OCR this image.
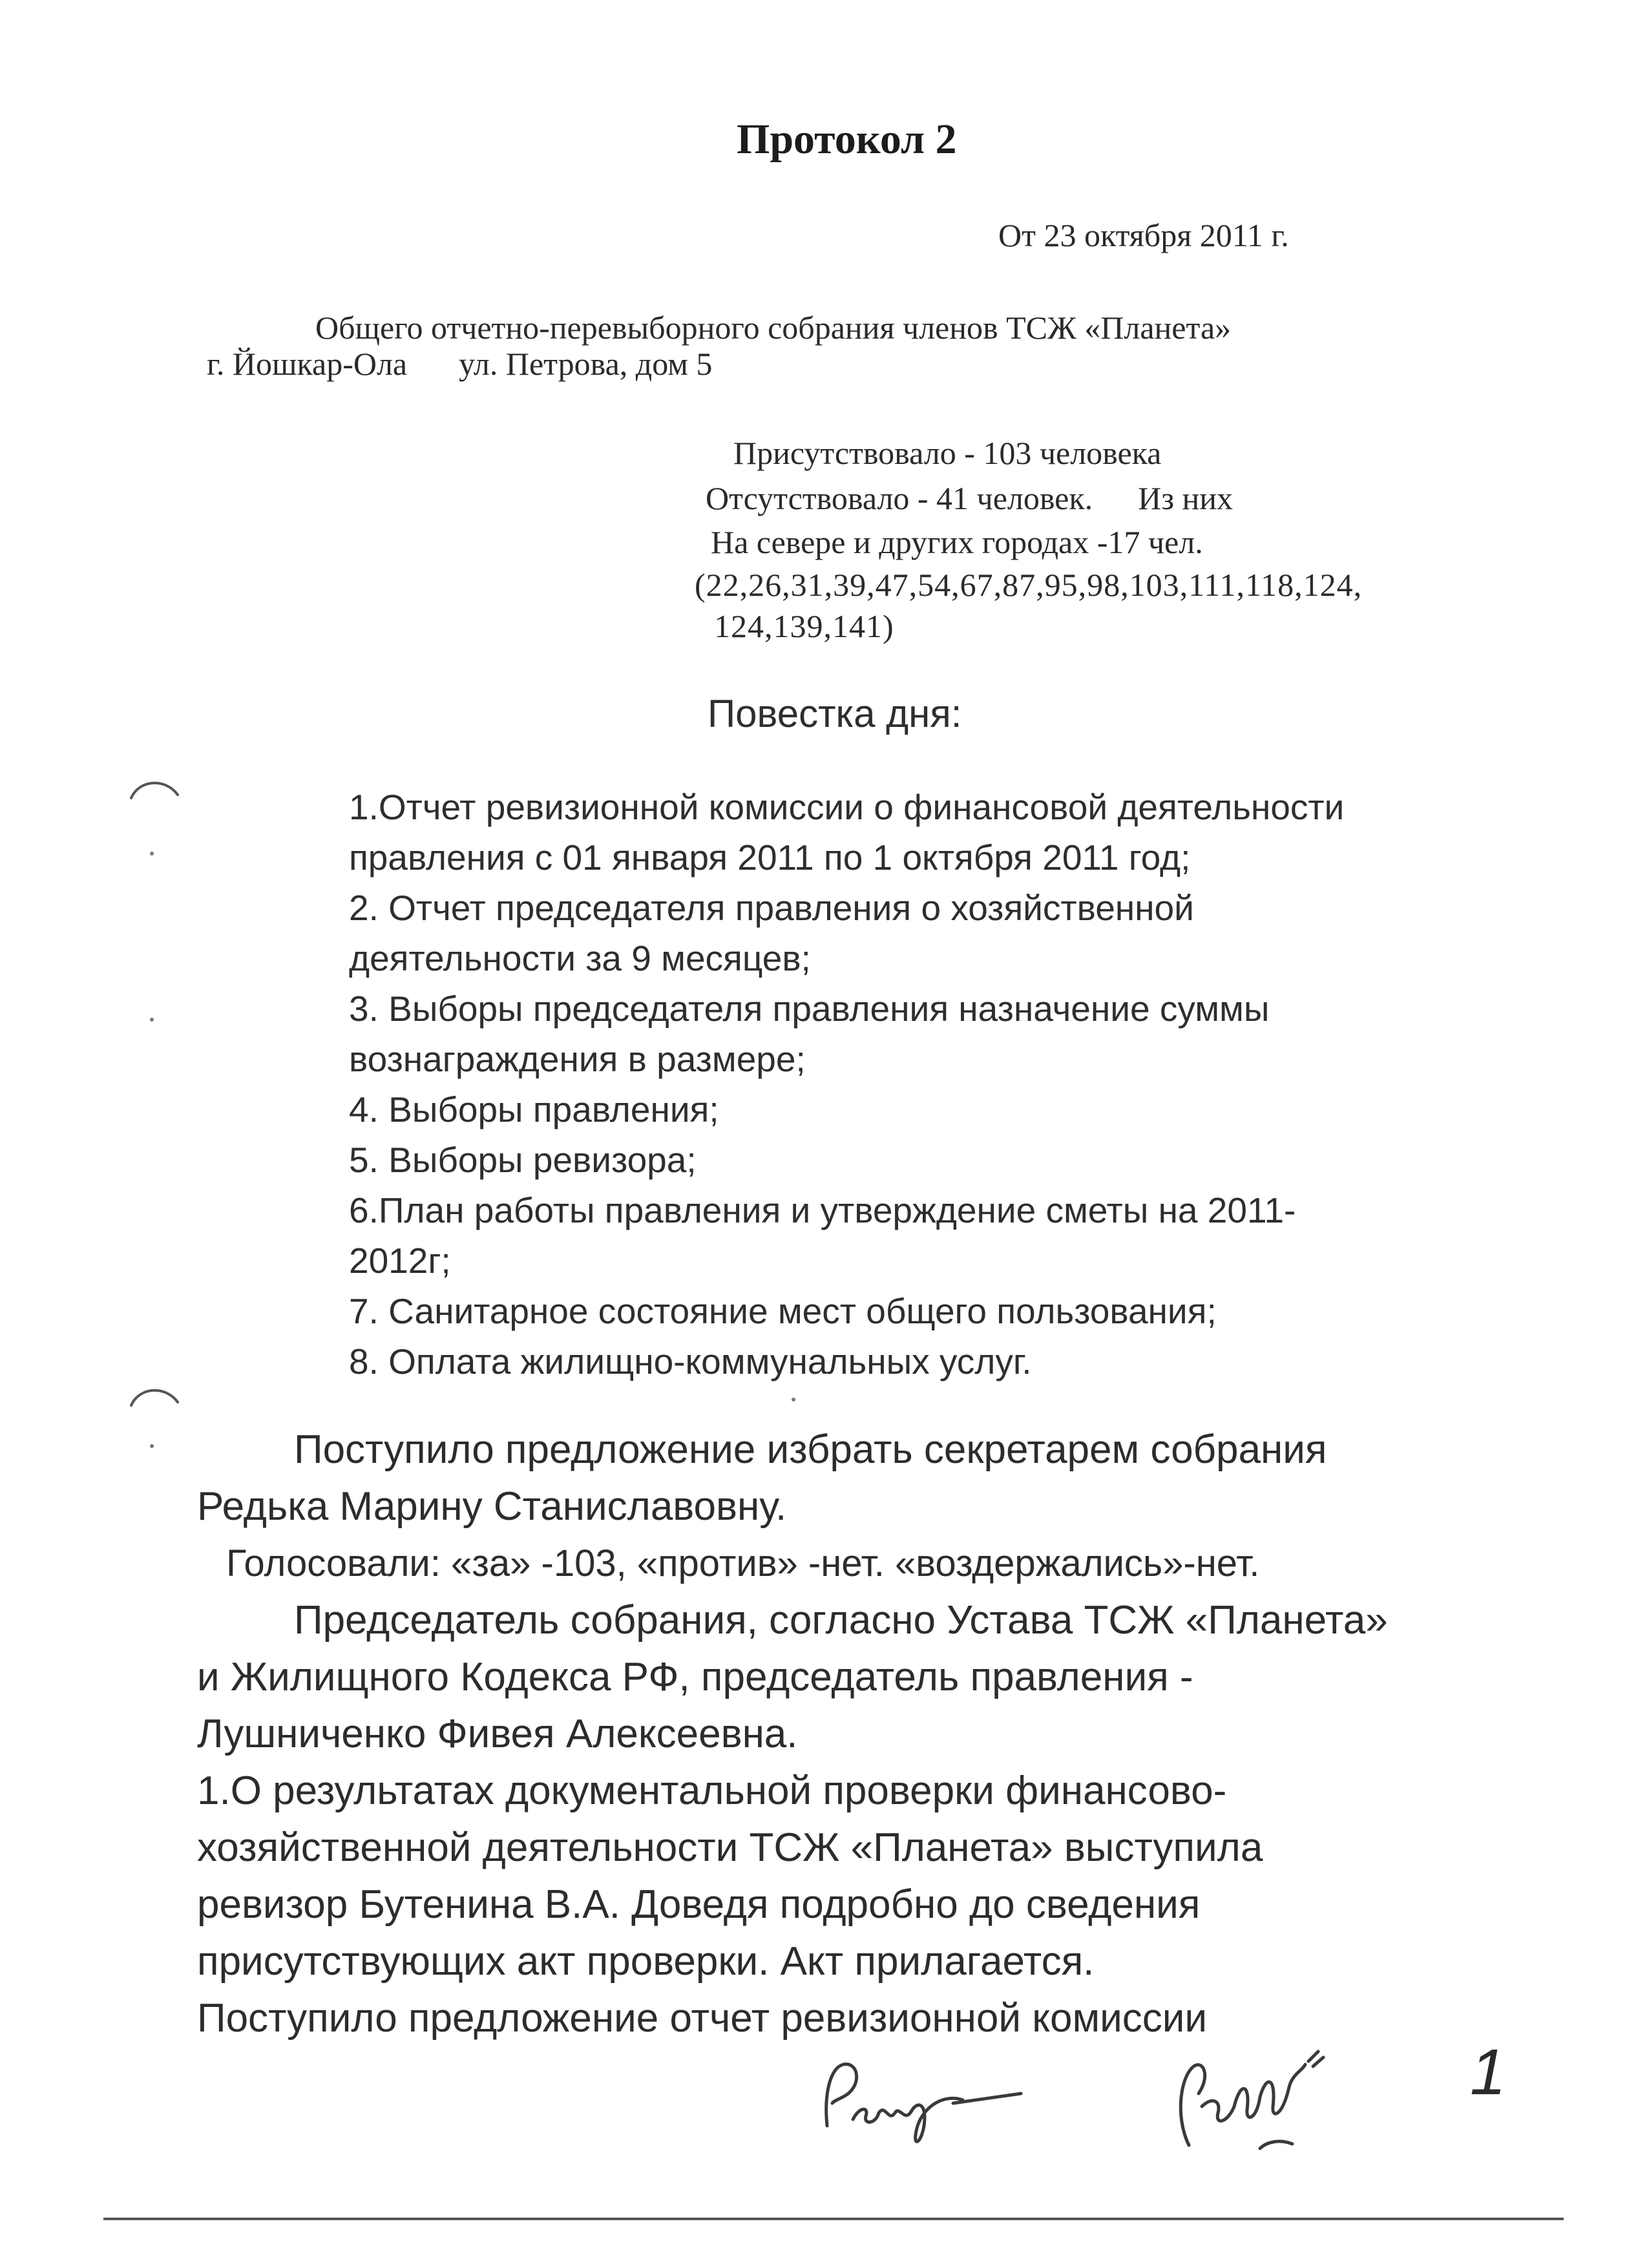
Протокол 2
От 23 октября 2011 г.
Общего отчетно-перевыборного собрания членов ТСЖ «Планета»
г. Йошкар-Ола ул. Петрова, дом 5
Присутствовало - 103 человека
Отсутствовало - 41 человек. Из них
На севере и других городах -17 чел.
(22,26,31,39,47,54,67,87,95,98,103,111,118,124,
124,139,141)
Повестка дня:
1.Отчет ревизионной комиссии о финансовой деятельности
правления с 01 января 2011 по 1 октября 2011 год;
2. Отчет председателя правления о хозяйственной
деятельности за 9 месяцев;
3. Выборы председателя правления назначение суммы
вознаграждения в размере;
4. Выборы правления;
5. Выборы ревизора;
6.План работы правления и утверждение сметы на 2011-
2012г;
7. Санитарное состояние мест общего пользования;
8. Оплата жилищно-коммунальных услуг.

Поступило предложение избрать секретарем собрания

Редька Марину Станиславовну.

Голосовали: «за» -103, «против» -нет. «воздержались»-нет.

Председатель собрания, согласно Устава ТСЖ «Планета»

и Жилищного Кодекса РФ, председатель правления -

Лушниченко Фивея Алексеевна.

1.О результатах документальной проверки финансово-

хозяйственной деятельности ТСЖ «Планета» выступила

ревизор Бутенина В.А. Доведя подробно до сведения

присутствующих акт проверки. Акт прилагается.

Поступило предложение отчет ревизионной комиссии

1
